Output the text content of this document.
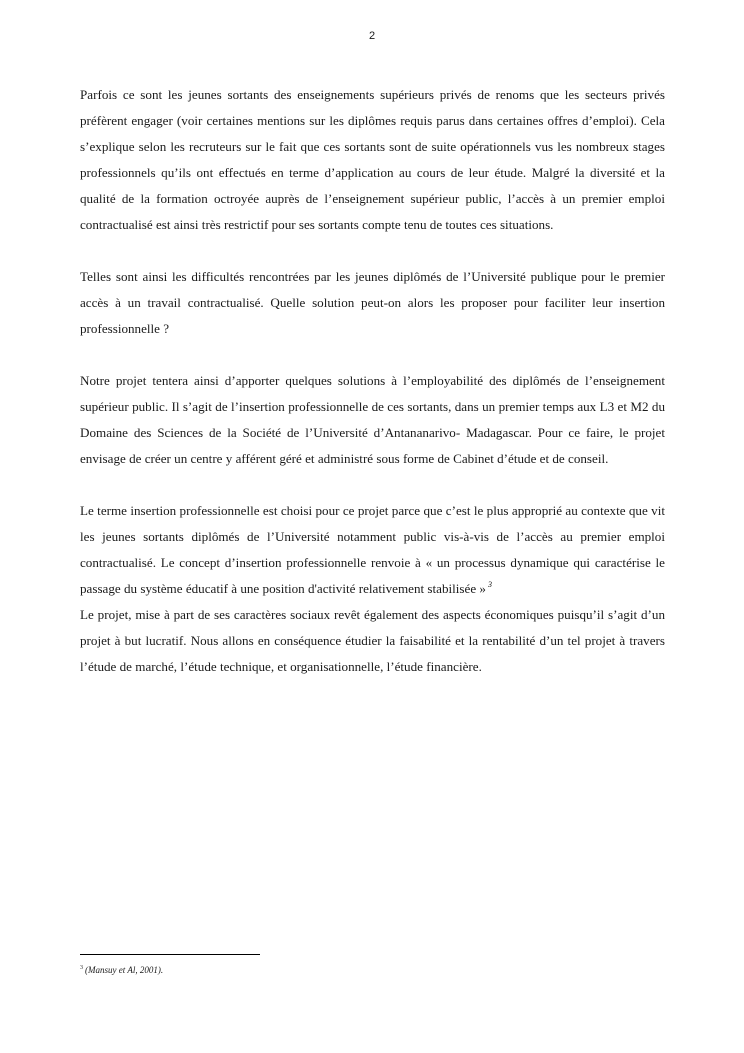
2

Parfois ce sont les jeunes sortants des enseignements supérieurs privés de renoms que les secteurs privés préfèrent engager (voir certaines mentions sur les diplômes requis parus dans certaines offres d’emploi). Cela s’explique selon les recruteurs sur le fait que ces sortants sont de suite opérationnels vus les nombreux stages professionnels qu’ils ont effectués en terme d’application au cours de leur étude. Malgré la diversité et la qualité de la formation octroyée auprès de l’enseignement supérieur public, l’accès à un premier emploi contractualisé est ainsi très restrictif pour ses sortants compte tenu de toutes ces situations.

Telles sont ainsi les difficultés rencontrées par les jeunes diplômés de l’Université publique pour le premier accès à un travail contractualisé. Quelle solution peut-on alors les proposer pour faciliter leur insertion professionnelle ?

Notre projet tentera ainsi d’apporter quelques solutions à l’employabilité des diplômés de l’enseignement supérieur public. Il s’agit de l’insertion professionnelle de ces sortants, dans un premier temps aux L3 et M2 du Domaine des Sciences de la Société de l’Université d’Antananarivo- Madagascar. Pour ce faire, le projet envisage de créer un centre y afférent géré et administré sous forme de Cabinet d’étude et de conseil.

Le terme insertion professionnelle est choisi pour ce projet parce que c’est le plus approprié au contexte que vit les jeunes sortants diplômés de l’Université notamment public vis-à-vis de l’accès au premier emploi contractualisé. Le concept d’insertion professionnelle renvoie à « un processus dynamique qui caractérise le passage du système éducatif à une position d'activité relativement stabilisée » $^3$

Le projet, mise à part de ses caractères sociaux revêt également des aspects économiques puisqu’il s’agit d’un projet à but lucratif. Nous allons en conséquence étudier la faisabilité et la rentabilité d’un tel projet à travers l’étude de marché, l’étude technique, et organisationnelle, l’étude financière.

$^3$ (Mansuy et Al, 2001).
